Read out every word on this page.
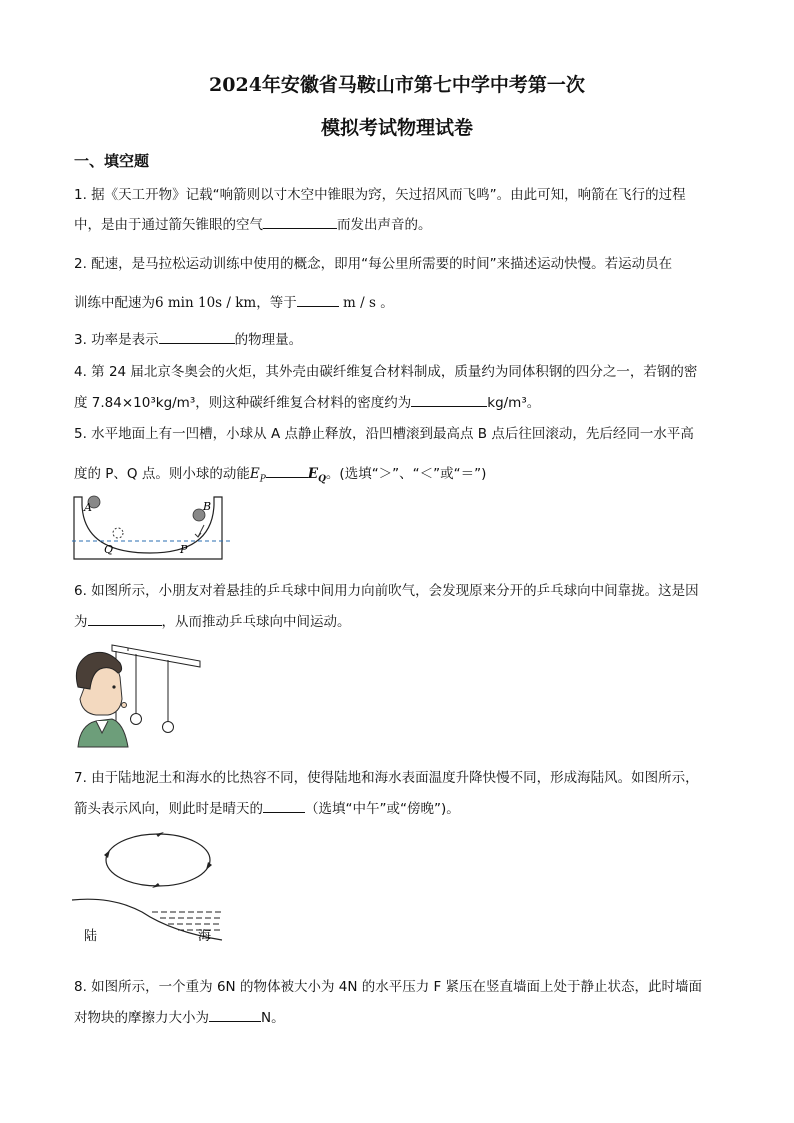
2024年安徽省马鞍山市第七中学中考第一次
模拟考试物理试卷
一、填空题
1. 据《天工开物》记载“响箭则以寸木空中锥眼为窍，矢过招风而飞鸣”。由此可知，响箭在飞行的过程
中，是由于通过箭矢锥眼的空气	而发出声音的。
2. 配速，是马拉松运动训练中使用的概念，即用“每公里所需要的时间”来描述运动快慢。若运动员在
训练中配速为6 min 10s / km，等于	m / s 。
3. 功率是表示	的物理量。
4. 第 24 届北京冬奥会的火炬，其外壳由碳纤维复合材料制成，质量约为同体积钢的四分之一，若钢的密
度 7.84×10³kg/m³，则这种碳纤维复合材料的密度约为	kg/m³。
5. 水平地面上有一凹槽，小球从 A 点静止释放，沿凹槽滚到最高点 B 点后往回滚动，先后经同一水平高
度的 P、Q 点。则小球的动能$E_P$	$E_Q$。(选填“＞”、“＜”或“＝”)
A	B
Q	P
6. 如图所示，小朋友对着悬挂的乒乓球中间用力向前吹气，会发现原来分开的乒乓球向中间靠拢。这是因
为	，从而推动乒乓球向中间运动。
7. 由于陆地泥土和海水的比热容不同，使得陆地和海水表面温度升降快慢不同，形成海陆风。如图所示，
箭头表示风向，则此时是晴天的	（选填“中午”或“傍晚”)。
陆	海
8. 如图所示，一个重为 6N 的物体被大小为 4N 的水平压力 F 紧压在竖直墙面上处于静止状态，此时墙面
对物块的摩擦力大小为	N。
